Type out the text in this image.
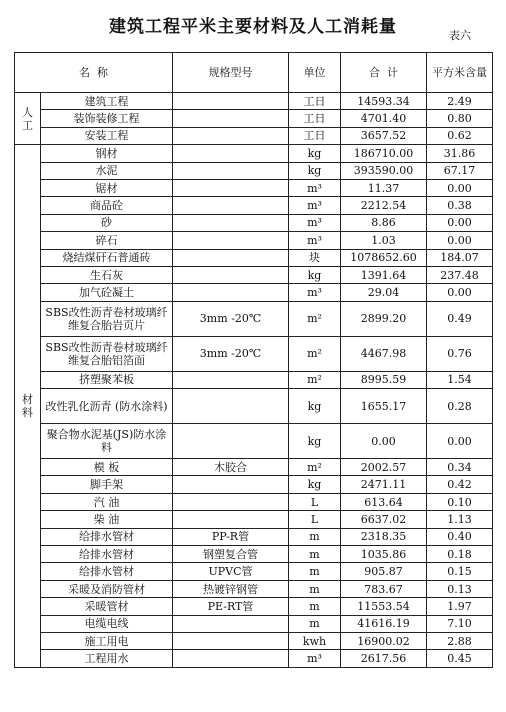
建筑工程平米主要材料及人工消耗量	表六
名  称		规格型号	单位	合  计	平方米含量

人
工	建筑工程		工日	14593.34	2.49
	装饰装修工程		工日	4701.40	0.80
	安装工程		工日	3657.52	0.62
材料	钢材		kg	186710.00	31.86
	水泥		kg	393590.00	67.17
	锯材		m³	11.37	0.00
	商品砼		m³	2212.54	0.38
	砂		m³	8.86	0.00
	碎石		m³	1.03	0.00
	烧结煤矸石普通砖		块	1078652.60	184.07
	生石灰		kg	1391.64	237.48
	加气砼凝土		m³	29.04	0.00
	SBS改性沥青卷材玻璃纤维复合胎岩页片	3mm -20℃	m²	2899.20	0.49
	SBS改性沥青卷材玻璃纤维复合胎铝箔面	3mm -20℃	m²	4467.98	0.76
	挤塑聚苯板		m²	8995.59	1.54
	改性乳化沥青 (防水涂料)		kg	1655.17	0.28
	聚合物水泥基(JS)防水涂料		kg	0.00	0.00
	模 板	木胶合	m²	2002.57	0.34
	脚手架		kg	2471.11	0.42
	汽 油		L	613.64	0.10
	柴 油		L	6637.02	1.13
	给排水管材	PP-R管	m	2318.35	0.40
	给排水管材	钢塑复合管	m	1035.86	0.18
	给排水管材	UPVC管	m	905.87	0.15
	采暖及消防管材	热镀锌钢管	m	783.67	0.13
	采暖管材	PE-RT管	m	11553.54	1.97
	电缆电线		m	41616.19	7.10
	施工用电		kwh	16900.02	2.88
	工程用水		m³	2617.56	0.45
